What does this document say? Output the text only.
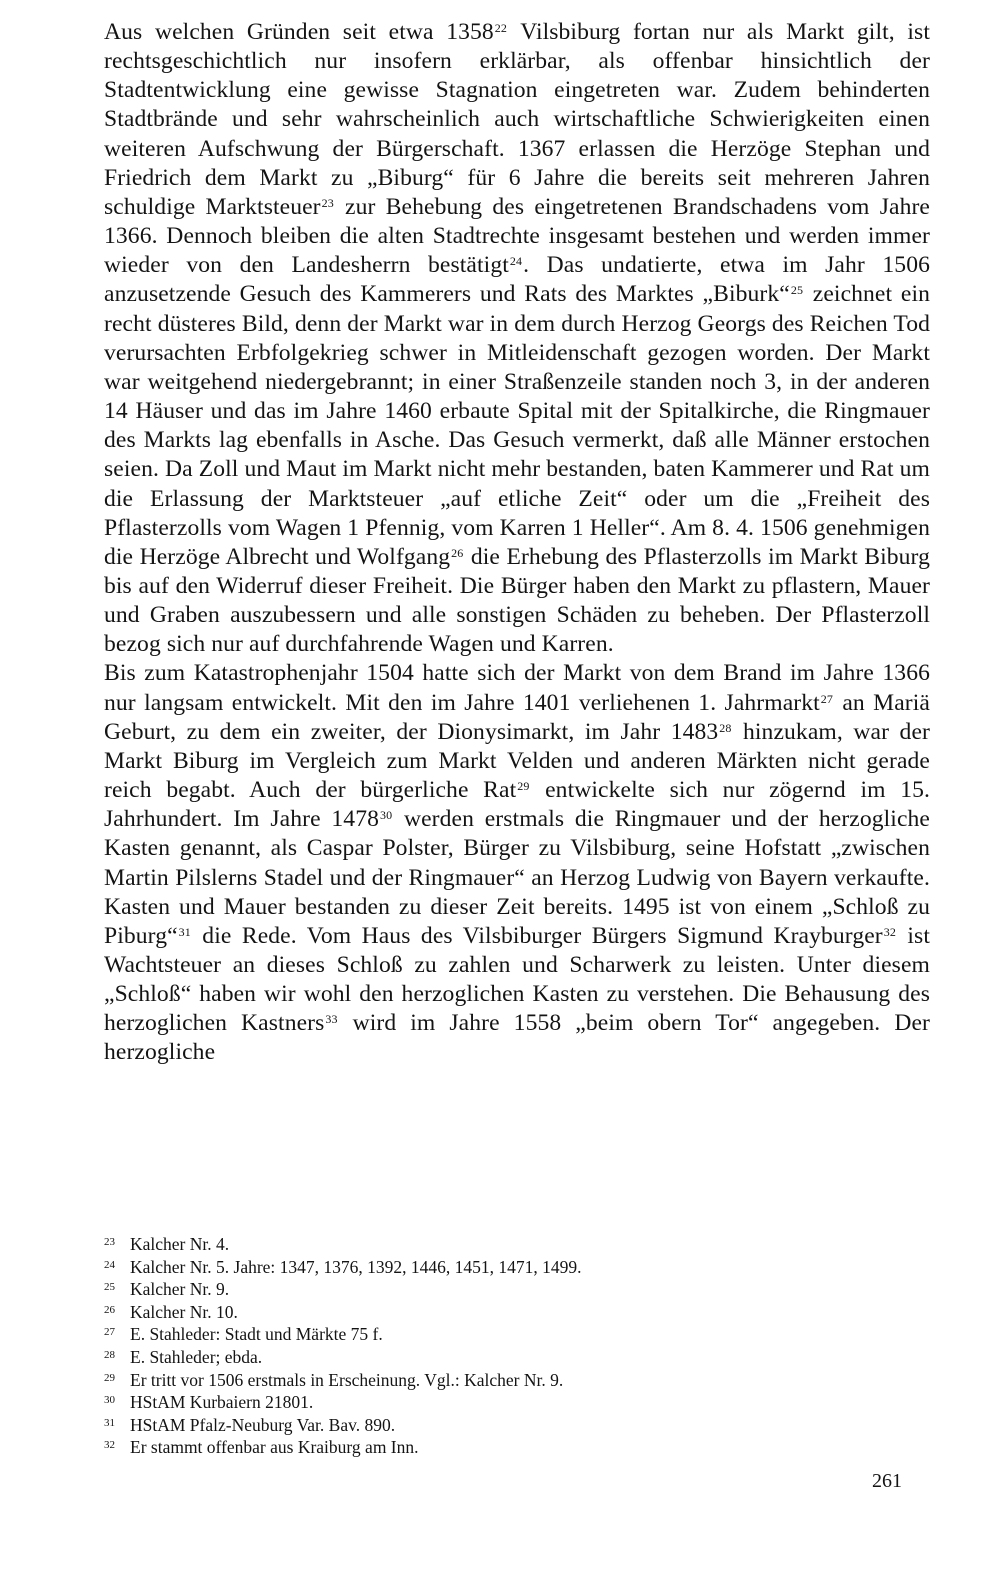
Aus welchen Gründen seit etwa 1358$^{22}$ Vilsbiburg fortan nur als Markt gilt, ist rechtsgeschichtlich nur insofern erklärbar, als offenbar hinsichtlich der Stadtentwicklung eine gewisse Stagnation eingetreten war. Zudem behinderten Stadtbrände und sehr wahrscheinlich auch wirtschaftliche Schwierigkeiten einen weiteren Aufschwung der Bürgerschaft. 1367 erlassen die Herzöge Stephan und Friedrich dem Markt zu „Biburg“ für 6 Jahre die bereits seit mehreren Jahren schuldige Marktsteuer$^{23}$ zur Behebung des eingetretenen Brandschadens vom Jahre 1366. Dennoch bleiben die alten Stadtrechte insgesamt bestehen und werden immer wieder von den Landesherrn bestätigt$^{24}$. Das undatierte, etwa im Jahr 1506 anzusetzende Gesuch des Kammerers und Rats des Marktes „Biburk“$^{25}$ zeichnet ein recht düsteres Bild, denn der Markt war in dem durch Herzog Georgs des Reichen Tod verursachten Erbfolgekrieg schwer in Mitleidenschaft gezogen worden. Der Markt war weitgehend niedergebrannt; in einer Straßenzeile standen noch 3, in der anderen 14 Häuser und das im Jahre 1460 erbaute Spital mit der Spitalkirche, die Ringmauer des Markts lag ebenfalls in Asche. Das Gesuch vermerkt, daß alle Männer erstochen seien. Da Zoll und Maut im Markt nicht mehr bestanden, baten Kammerer und Rat um die Erlassung der Marktsteuer „auf etliche Zeit“ oder um die „Freiheit des Pflasterzolls vom Wagen 1 Pfennig, vom Karren 1 Heller“. Am 8. 4. 1506 genehmigen die Herzöge Albrecht und Wolfgang$^{26}$ die Erhebung des Pflasterzolls im Markt Biburg bis auf den Widerruf dieser Freiheit. Die Bürger haben den Markt zu pflastern, Mauer und Graben auszubessern und alle sonstigen Schäden zu beheben. Der Pflasterzoll bezog sich nur auf durchfahrende Wagen und Karren.

Bis zum Katastrophenjahr 1504 hatte sich der Markt von dem Brand im Jahre 1366 nur langsam entwickelt. Mit den im Jahre 1401 verliehenen 1. Jahrmarkt$^{27}$ an Mariä Geburt, zu dem ein zweiter, der Dionysimarkt, im Jahr 1483$^{28}$ hinzukam, war der Markt Biburg im Vergleich zum Markt Velden und anderen Märkten nicht gerade reich begabt. Auch der bürgerliche Rat$^{29}$ entwickelte sich nur zögernd im 15. Jahrhundert. Im Jahre 1478$^{30}$ werden erstmals die Ringmauer und der herzogliche Kasten genannt, als Caspar Polster, Bürger zu Vilsbiburg, seine Hofstatt „zwischen Martin Pilslerns Stadel und der Ringmauer“ an Herzog Ludwig von Bayern verkaufte. Kasten und Mauer bestanden zu dieser Zeit bereits. 1495 ist von einem „Schloß zu Piburg“$^{31}$ die Rede. Vom Haus des Vilsbiburger Bürgers Sigmund Krayburger$^{32}$ ist Wachtsteuer an dieses Schloß zu zahlen und Scharwerk zu leisten. Unter diesem „Schloß“ haben wir wohl den herzoglichen Kasten zu verstehen. Die Behausung des herzoglichen Kastners$^{33}$ wird im Jahre 1558 „beim obern Tor“ angegeben. Der herzogliche

23 Kalcher Nr. 4.
24 Kalcher Nr. 5. Jahre: 1347, 1376, 1392, 1446, 1451, 1471, 1499.
25 Kalcher Nr. 9.
26 Kalcher Nr. 10.
27 E. Stahleder: Stadt und Märkte 75 f.
28 E. Stahleder; ebda.
29 Er tritt vor 1506 erstmals in Erscheinung. Vgl.: Kalcher Nr. 9.
30 HStAM Kurbaiern 21801.
31 HStAM Pfalz-Neuburg Var. Bav. 890.
32 Er stammt offenbar aus Kraiburg am Inn.
261
